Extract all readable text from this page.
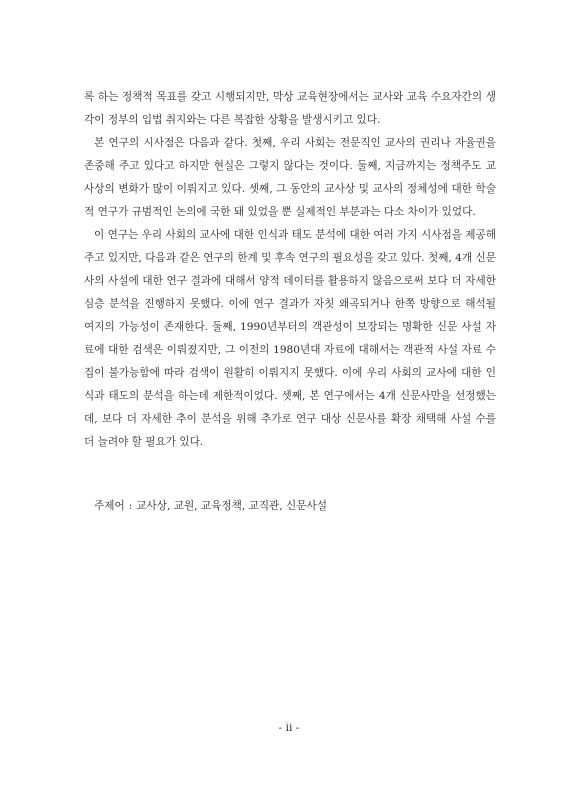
록 하는 정책적 목표를 갖고 시행되지만, 막상 교육현장에서는 교사와 교육 수요자간의 생각이 정부의 입법 취지와는 다른 복잡한 상황을 발생시키고 있다.

본 연구의 시사점은 다음과 같다. 첫째, 우리 사회는 전문직인 교사의 권리나 자율권을 존중해 주고 있다고 하지만 현실은 그렇지 않다는 것이다. 둘째, 지금까지는 정책주도 교사상의 변화가 많이 이뤄지고 있다. 셋째, 그 동안의 교사상 및 교사의 정체성에 대한 학술적 연구가 규범적인 논의에 국한 돼 있었을 뿐 실제적인 부분과는 다소 차이가 있었다.

이 연구는 우리 사회의 교사에 대한 인식과 태도 분석에 대한 여러 가지 시사점을 제공해 주고 있지만, 다음과 같은 연구의 한계 및 후속 연구의 필요성을 갖고 있다. 첫째, 4개 신문사의 사설에 대한 연구 결과에 대해서 양적 데이터를 활용하지 않음으로써 보다 더 자세한 심층 분석을 진행하지 못했다. 이에 연구 결과가 자칫 왜곡되거나 한쪽 방향으로 해석될 여지의 가능성이 존재한다. 둘째, 1990년부터의 객관성이 보장되는 명확한 신문 사설 자료에 대한 검색은 이뤄졌지만, 그 이전의 1980년대 자료에 대해서는 객관적 사설 자료 수집이 불가능함에 따라 검색이 원활히 이뤄지지 못했다. 이에 우리 사회의 교사에 대한 인식과 태도의 분석을 하는데 제한적이었다. 셋째, 본 연구에서는 4개 신문사만을 선정했는데, 보다 더 자세한 추이 분석을 위해 추가로 연구 대상 신문사를 확장 채택해 사설 수를 더 늘려야 할 필요가 있다.

주제어 : 교사상, 교원, 교육정책, 교직관, 신문사설
- ii -
